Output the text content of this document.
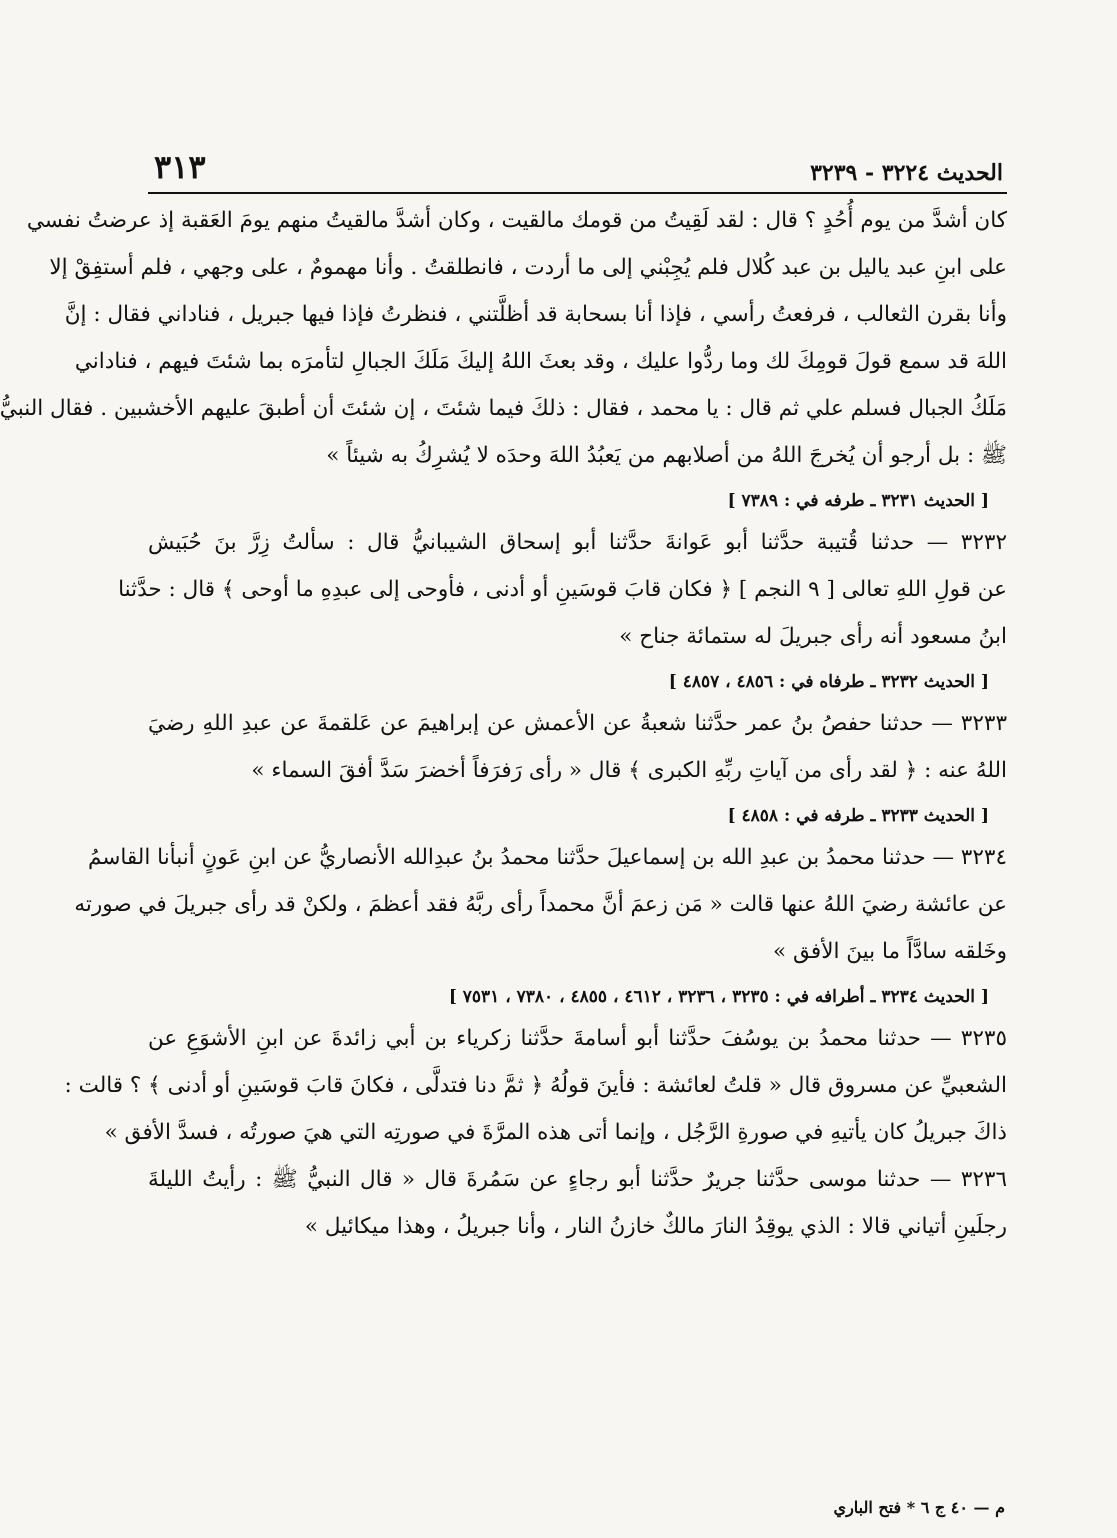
الحديث ٣٢٢٤ - ٣٢٣٩
٣١٣
كان أشدَّ من يوم أُحُدٍ ؟ قال : لقد لَقِيتُ من قومك مالقيت ، وكان أشدَّ مالقيتُ منهم يومَ العَقبة إذ عرضتُ نفسي
على ابنِ عبد ياليل بن عبد كُلال فلم يُجِبْني إلى ما أردت ، فانطلقتُ . وأنا مهمومٌ ، على وجهي ، فلم أستفِقْ إلا
وأنا بقرن الثعالب ، فرفعتُ رأسي ، فإذا أنا بسحابة قد أظلَّتني ، فنظرتُ فإذا فيها جبريل ، فناداني فقال : إنَّ
اللهَ قد سمع قولَ قومِكَ لك وما ردُّوا عليك ، وقد بعثَ اللهُ إليكَ مَلَكَ الجبالِ لتأمرَه بما شئتَ فيهم ، فناداني
مَلَكُ الجبال فسلم علي ثم قال : يا محمد ، فقال : ذلكَ فيما شئتَ ، إن شئتَ أن أطبقَ عليهم الأخشبين . فقال النبيُّ
ﷺ : بل أرجو أن يُخرجَ اللهُ من أصلابهم من يَعبُدُ اللهَ وحدَه لا يُشرِكُ به شيئاً »
[ الحديث ٣٢٣١ ـ طرفه في : ٧٣٨٩ ]
٣٢٣٢ — حدثنا قُتيبة حدَّثنا أبو عَوانةَ حدَّثنا أبو إسحاق الشيبانيُّ قال : سألتُ زِرَّ بنَ حُبَيش
عن قولِ اللهِ تعالى [ ٩ النجم ] ﴿ فكان قابَ قوسَينِ أو أدنى ، فأوحى إلى عبدِهِ ما أوحى ﴾ قال : حدَّثنا
ابنُ مسعود أنه رأى جبريلَ له ستمائة جناح »
[ الحديث ٣٢٣٢ ـ طرفاه في : ٤٨٥٦ ، ٤٨٥٧ ]
٣٢٣٣ — حدثنا حفصُ بنُ عمر حدَّثنا شعبةُ عن الأعمش عن إبراهيمَ عن عَلقمةَ عن عبدِ اللهِ رضيَ
اللهُ عنه : ﴿ لقد رأى من آياتِ ربِّهِ الكبرى ﴾ قال « رأى رَفرَفاً أخضرَ سَدَّ أفقَ السماء »
[ الحديث ٣٢٣٣ ـ طرفه في : ٤٨٥٨ ]
٣٢٣٤ — حدثنا محمدُ بن عبدِ الله بن إسماعيلَ حدَّثنا محمدُ بنُ عبدِالله الأنصاريُّ عن ابنِ عَونٍ أنبأنا القاسمُ
عن عائشة رضيَ اللهُ عنها قالت « مَن زعمَ أنَّ محمداً رأى ربَّهُ فقد أعظمَ ، ولكنْ قد رأى جبريلَ في صورته
وخَلقه سادَّاً ما بينَ الأفق »
[ الحديث ٣٢٣٤ ـ أطرافه في : ٣٢٣٥ ، ٣٢٣٦ ، ٤٦١٢ ، ٤٨٥٥ ، ٧٣٨٠ ، ٧٥٣١ ]
٣٢٣٥ — حدثنا محمدُ بن يوسُفَ حدَّثنا أبو أسامةَ حدَّثنا زكرياء بن أبي زائدةَ عن ابنِ الأشوَعِ عن
الشعبيِّ عن مسروق قال « قلتُ لعائشة : فأينَ قولُهُ ﴿ ثمَّ دنا فتدلَّى ، فكانَ قابَ قوسَينِ أو أدنى ﴾ ؟ قالت :
ذاكَ جبريلُ كان يأتيهِ في صورةِ الرَّجُل ، وإنما أتى هذه المرَّةَ في صورتِه التي هيَ صورتُه ، فسدَّ الأفق »
٣٢٣٦ — حدثنا موسى حدَّثنا جريرٌ حدَّثنا أبو رجاءٍ عن سَمُرةَ قال « قال النبيُّ ﷺ : رأيتُ الليلةَ
رجلَينِ أتياني قالا : الذي يوقِدُ النارَ مالكٌ خازنُ النار ، وأنا جبريلُ ، وهذا ميكائيل »
م — ٤٠ ج ٦ * فتح الباري
